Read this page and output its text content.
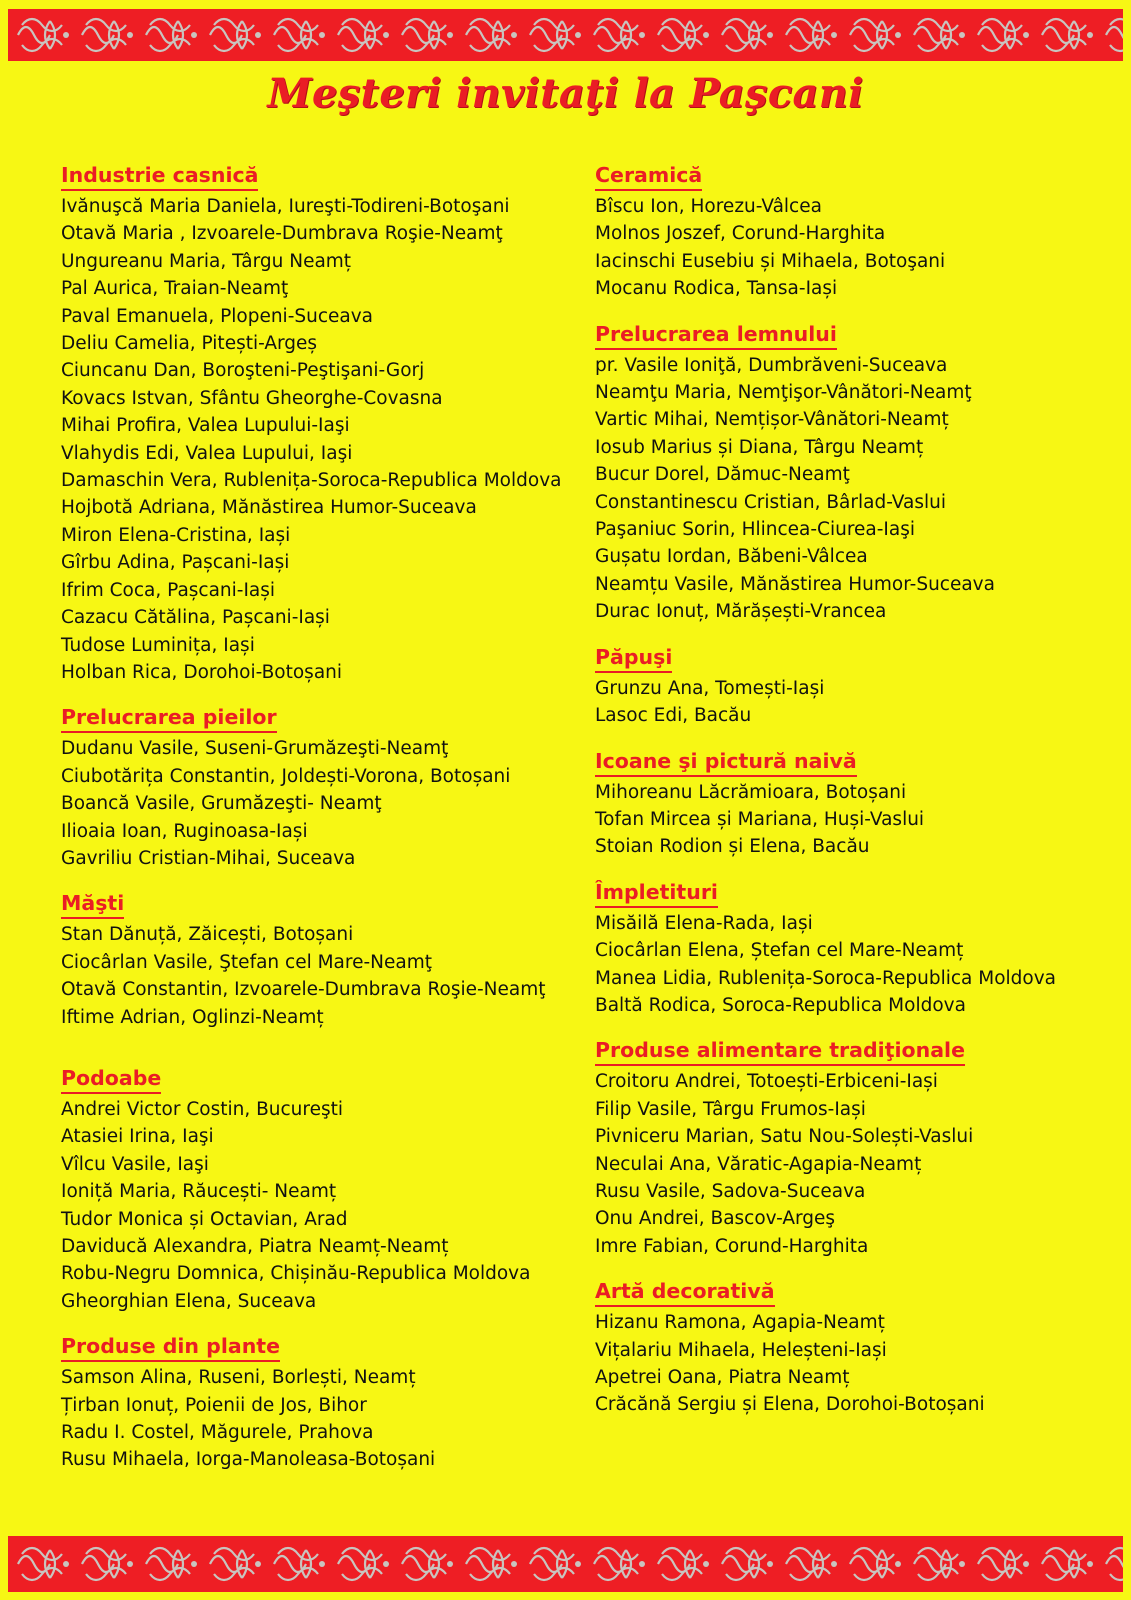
Meşteri invitaţi la Paşcani
Industrie casnică
Ivănuşcă Maria Daniela, Iureşti-Todireni-Botoşani
Otavă Maria , Izvoarele-Dumbrava Roşie-Neamţ
Ungureanu Maria, Târgu Neamț
Pal Aurica, Traian-Neamţ
Paval Emanuela, Plopeni-Suceava
Deliu Camelia, Pitești-Argeș
Ciuncanu Dan, Boroşteni-Peştişani-Gorj
Kovacs Istvan, Sfântu Gheorghe-Covasna
Mihai Profira, Valea Lupului-Iaşi
Vlahydis Edi, Valea Lupului, Iaşi
Damaschin Vera, Rublenița-Soroca-Republica Moldova
Hojbotă Adriana, Mănăstirea Humor-Suceava
Miron Elena-Cristina, Iași
Gîrbu Adina, Pașcani-Iași
Ifrim Coca, Pașcani-Iași
Cazacu Cătălina, Pașcani-Iași
Tudose Luminița, Iași
Holban Rica, Dorohoi-Botoșani
Prelucrarea pieilor
Dudanu Vasile, Suseni-Grumăzeşti-Neamţ
Ciubotărița Constantin, Joldești-Vorona, Botoșani
Boancă Vasile, Grumăzeşti- Neamţ
Ilioaia Ioan, Ruginoasa-Iași
Gavriliu Cristian-Mihai, Suceava
Măşti
Stan Dănuță, Zăicești, Botoșani
Ciocârlan Vasile, Ştefan cel Mare-Neamţ
Otavă Constantin, Izvoarele-Dumbrava Roşie-Neamţ
Iftime Adrian, Oglinzi-Neamț
Podoabe
Andrei Victor Costin, Bucureşti
Atasiei Irina, Iaşi
Vîlcu Vasile, Iaşi
Ioniță Maria, Răucești- Neamț
Tudor Monica și Octavian, Arad
Daviducă Alexandra, Piatra Neamț-Neamț
Robu-Negru Domnica, Chișinău-Republica Moldova
Gheorghian Elena, Suceava
Produse din plante
Samson Alina, Ruseni, Borlești, Neamț
Țirban Ionuț, Poienii de Jos, Bihor
Radu I. Costel, Măgurele, Prahova
Rusu Mihaela, Iorga-Manoleasa-Botoșani
Ceramică
Bîscu Ion, Horezu-Vâlcea
Molnos Joszef, Corund-Harghita
Iacinschi Eusebiu și Mihaela, Botoşani
Mocanu Rodica, Tansa-Iași
Prelucrarea lemnului
pr. Vasile Ioniţă, Dumbrăveni-Suceava
Neamţu Maria, Nemţişor-Vânători-Neamţ
Vartic Mihai, Nemțișor-Vânători-Neamț
Iosub Marius și Diana, Târgu Neamț
Bucur Dorel, Dămuc-Neamţ
Constantinescu Cristian, Bârlad-Vaslui
Paşaniuc Sorin, Hlincea-Ciurea-Iaşi
Gușatu Iordan, Băbeni-Vâlcea
Neamțu Vasile, Mănăstirea Humor-Suceava
Durac Ionuț, Mărășești-Vrancea
Păpuşi
Grunzu Ana, Tomești-Iași
Lasoc Edi, Bacău
Icoane şi pictură naivă
Mihoreanu Lăcrămioara, Botoșani
Tofan Mircea și Mariana, Huși-Vaslui
Stoian Rodion și Elena, Bacău
Împletituri
Misăilă Elena-Rada, Iași
Ciocârlan Elena, Ștefan cel Mare-Neamț
Manea Lidia, Rublenița-Soroca-Republica Moldova
Baltă Rodica, Soroca-Republica Moldova
Produse alimentare tradiţionale
Croitoru Andrei, Totoești-Erbiceni-Iași
Filip Vasile, Târgu Frumos-Iași
Pivniceru Marian, Satu Nou-Solești-Vaslui
Neculai Ana, Văratic-Agapia-Neamț
Rusu Vasile, Sadova-Suceava
Onu Andrei, Bascov-Argeş
Imre Fabian, Corund-Harghita
Artă decorativă
Hizanu Ramona, Agapia-Neamț
Vițalariu Mihaela, Heleșteni-Iași
Apetrei Oana, Piatra Neamț
Crăcănă Sergiu și Elena, Dorohoi-Botoșani
